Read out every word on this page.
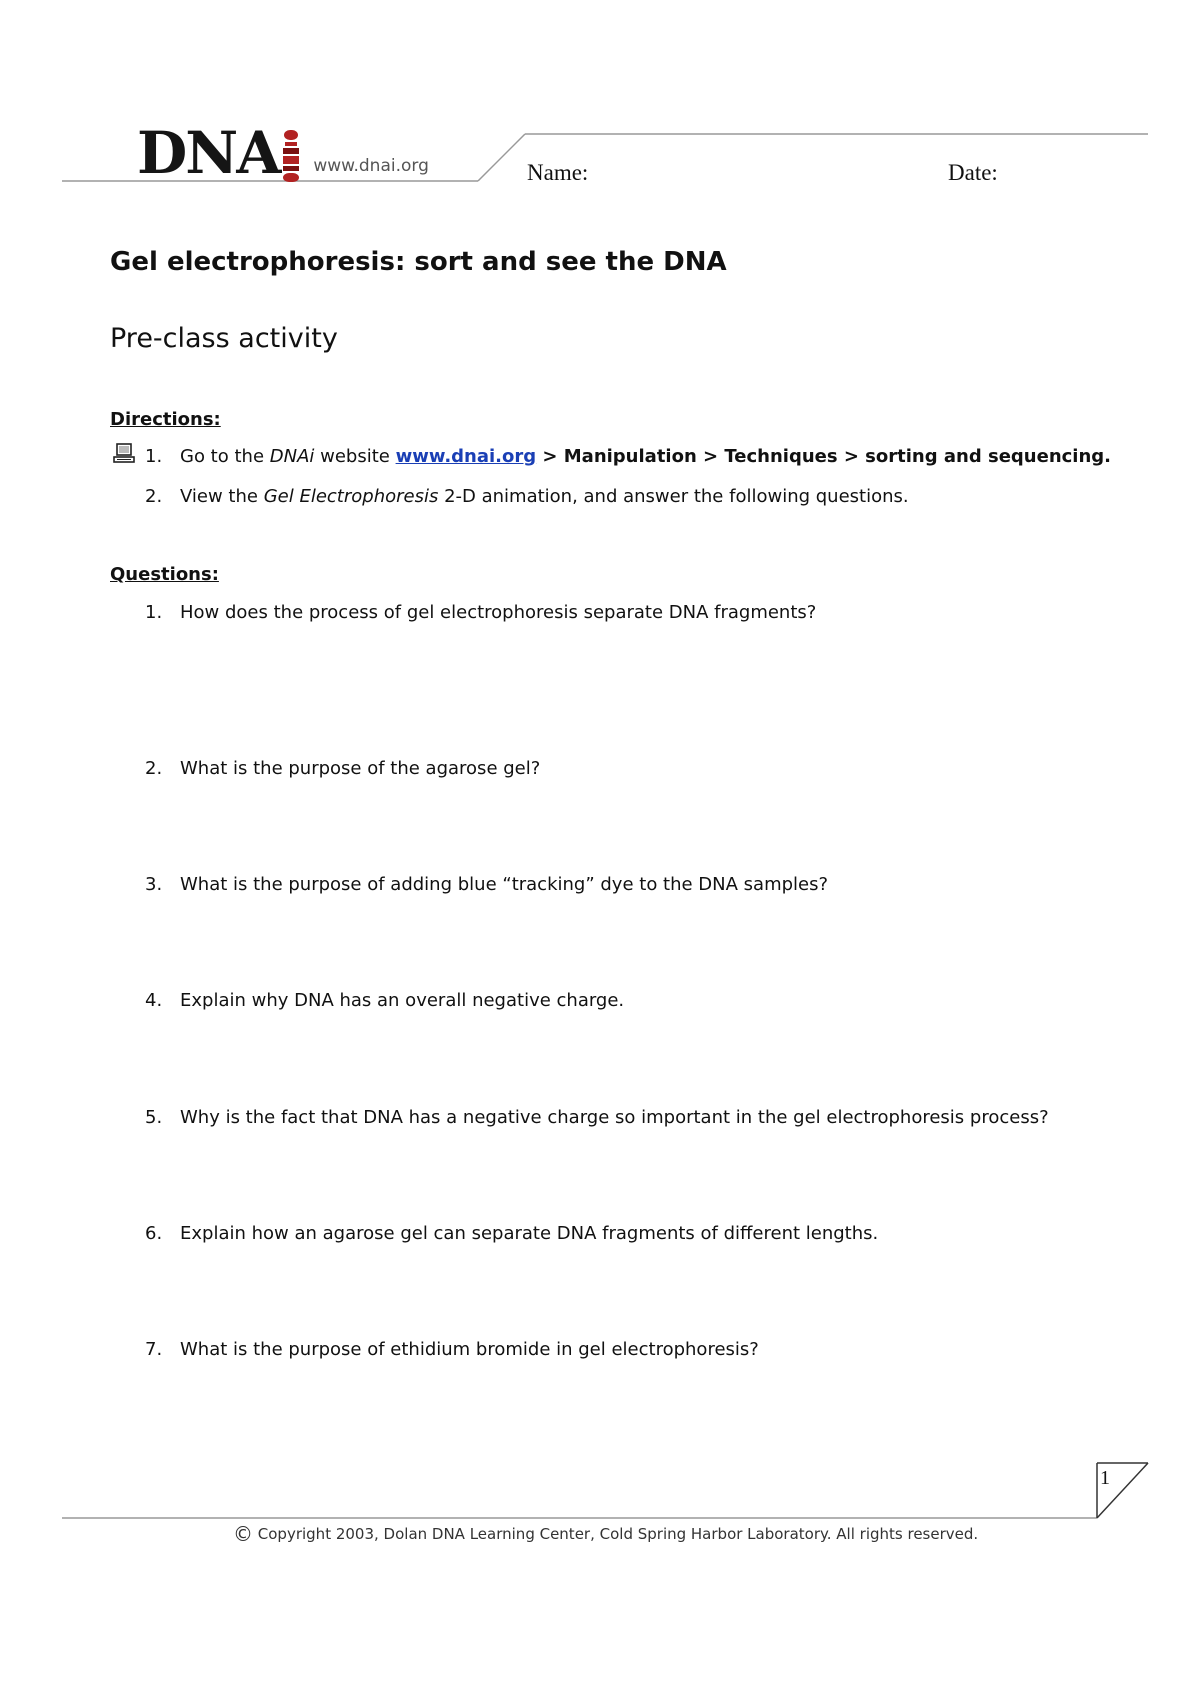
DNA www.dnai.org	Name:	Date:
Gel electrophoresis: sort and see the DNA
Pre-class activity
Directions:
1. Go to the DNAi website www.dnai.org > Manipulation > Techniques > sorting and sequencing.
2. View the Gel Electrophoresis 2-D animation, and answer the following questions.
Questions:
1. How does the process of gel electrophoresis separate DNA fragments?
2. What is the purpose of the agarose gel?
3. What is the purpose of adding blue “tracking” dye to the DNA samples?
4. Explain why DNA has an overall negative charge.
5. Why is the fact that DNA has a negative charge so important in the gel electrophoresis process?
6. Explain how an agarose gel can separate DNA fragments of different lengths.
7. What is the purpose of ethidium bromide in gel electrophoresis?
1
© Copyright 2003, Dolan DNA Learning Center, Cold Spring Harbor Laboratory. All rights reserved.
